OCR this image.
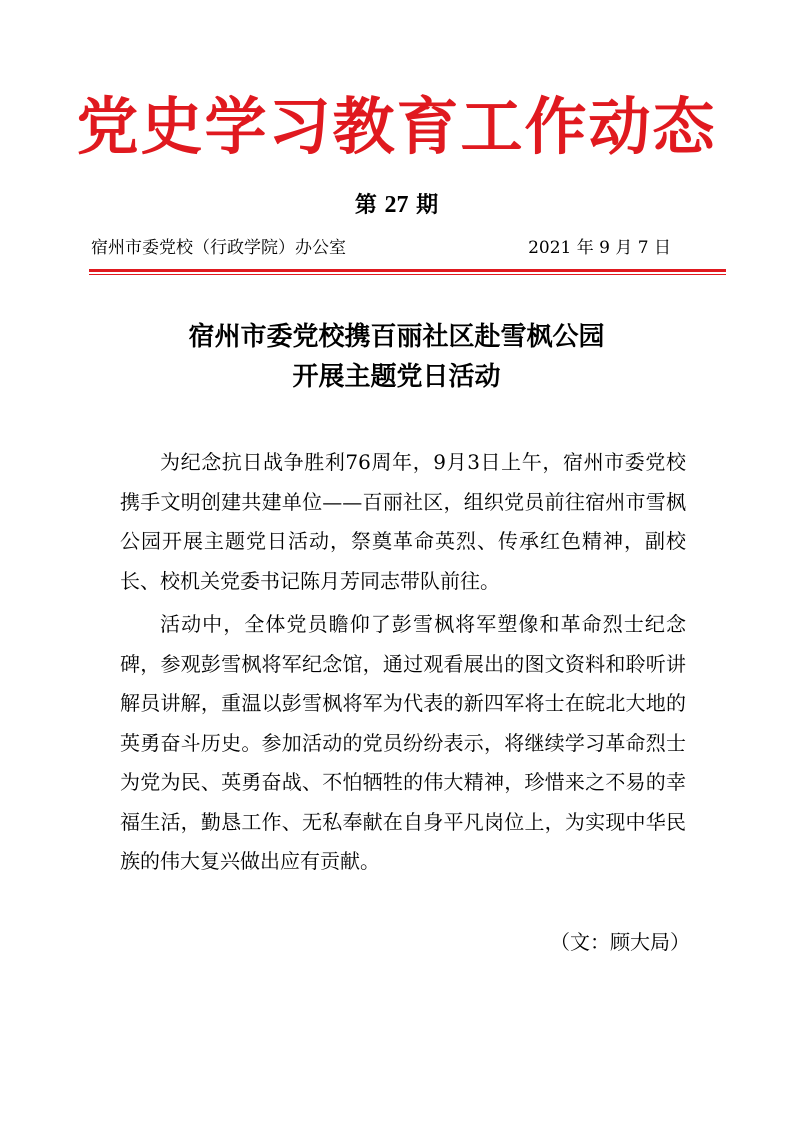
党史学习教育工作动态
第 27 期
宿州市委党校（行政学院）办公室	2021 年 9 月 7 日
宿州市委党校携百丽社区赴雪枫公园
开展主题党日活动

为纪念抗日战争胜利76周年，9月3日上午，宿州市委党校携手文明创建共建单位——百丽社区，组织党员前往宿州市雪枫公园开展主题党日活动，祭奠革命英烈、传承红色精神，副校长、校机关党委书记陈月芳同志带队前往。

活动中，全体党员瞻仰了彭雪枫将军塑像和革命烈士纪念碑，参观彭雪枫将军纪念馆，通过观看展出的图文资料和聆听讲解员讲解，重温以彭雪枫将军为代表的新四军将士在皖北大地的英勇奋斗历史。参加活动的党员纷纷表示，将继续学习革命烈士为党为民、英勇奋战、不怕牺牲的伟大精神，珍惜来之不易的幸福生活，勤恳工作、无私奉献在自身平凡岗位上，为实现中华民族的伟大复兴做出应有贡献。

（文：顾大局）
